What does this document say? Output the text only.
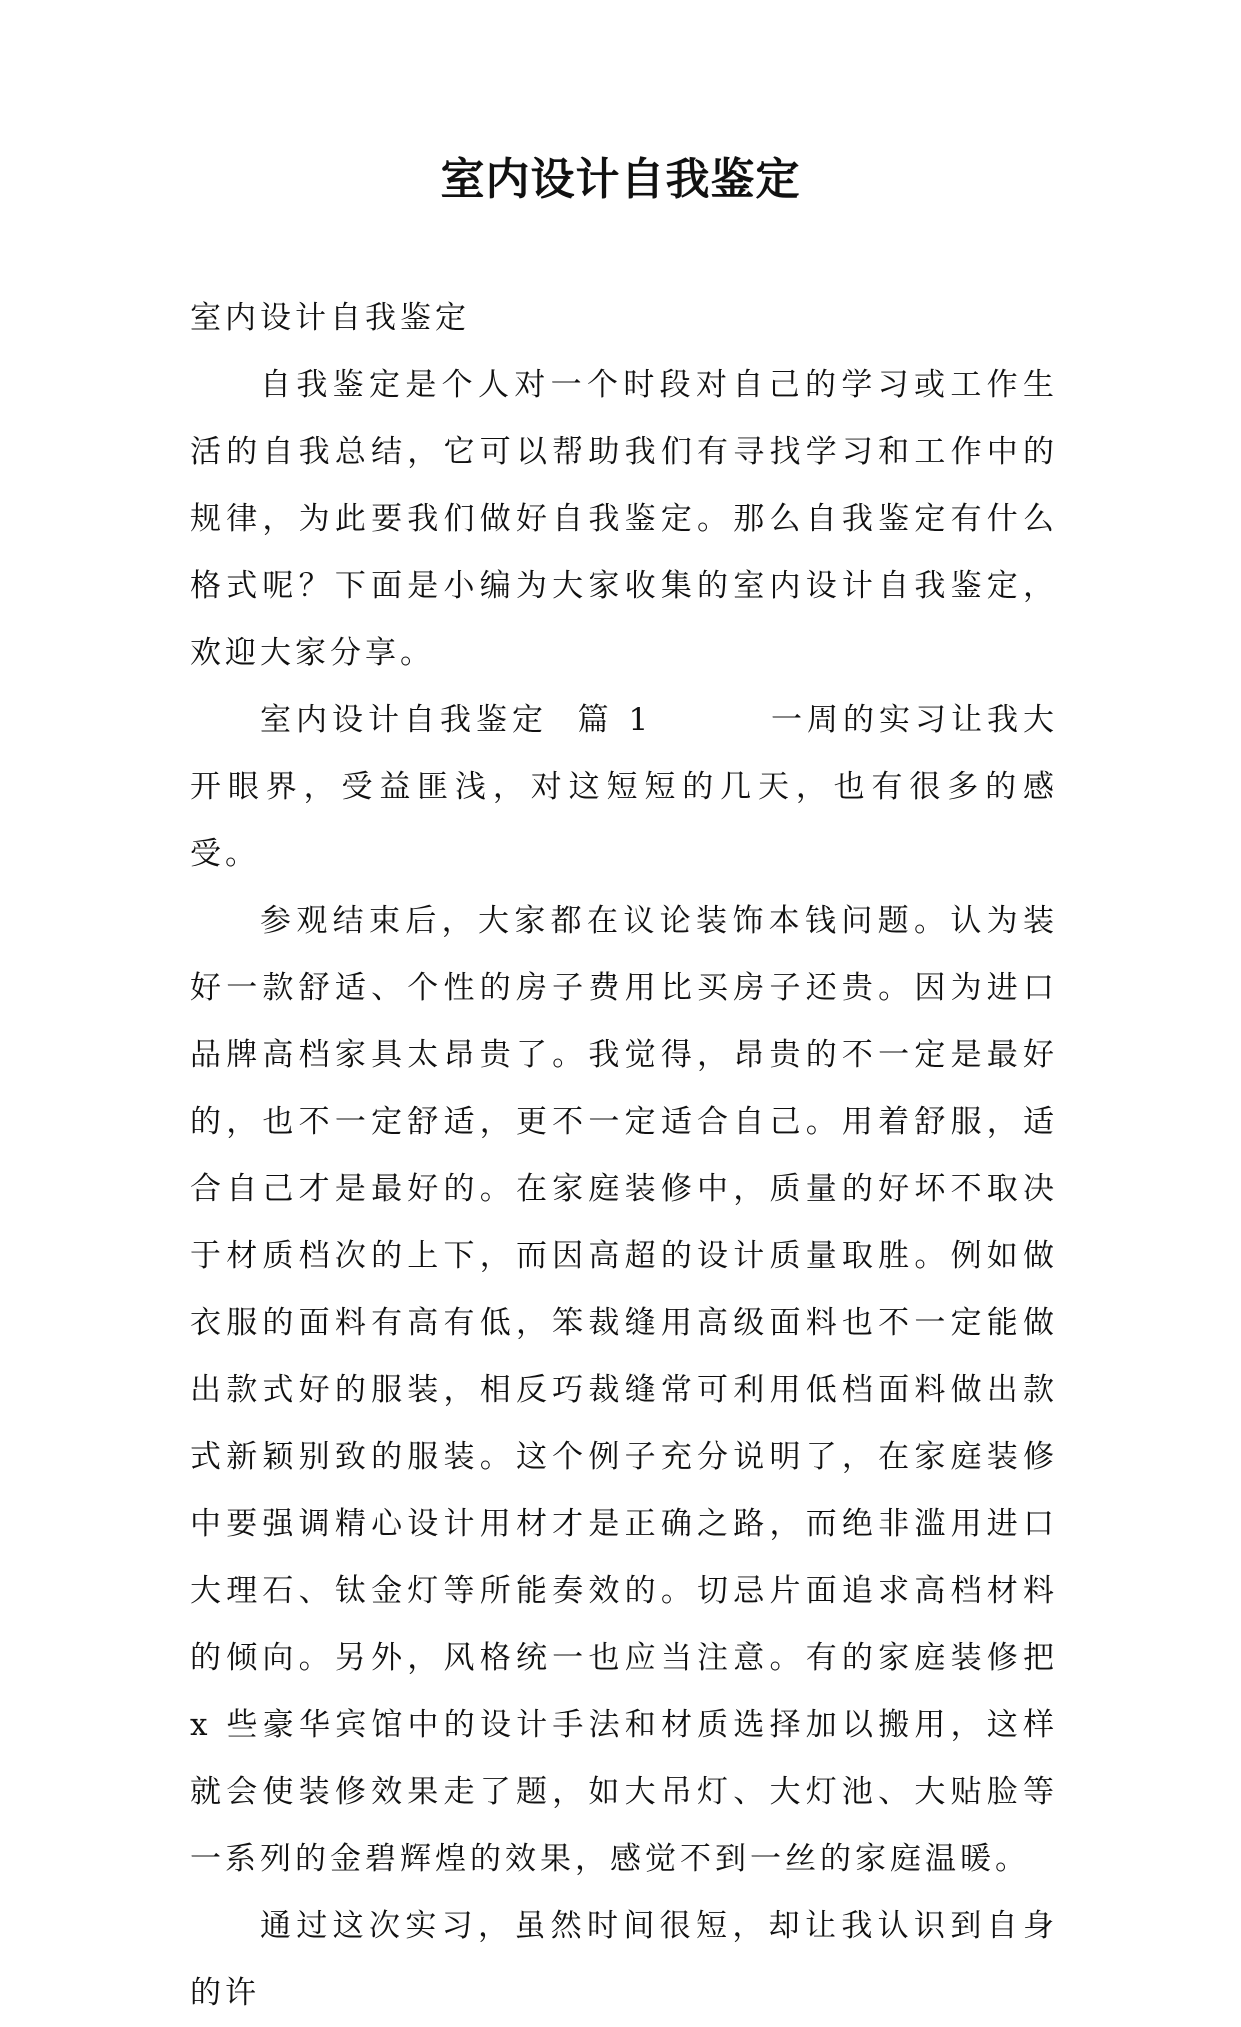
室内设计自我鉴定

室内设计自我鉴定

自我鉴定是个人对一个时段对自己的学习或工作生活的自我总结，它可以帮助我们有寻找学习和工作中的规律，为此要我们做好自我鉴定。那么自我鉴定有什么格式呢？下面是小编为大家收集的室内设计自我鉴定，欢迎大家分享。

室内设计自我鉴定  篇 1        一周的实习让我大开眼界，受益匪浅，对这短短的几天，也有很多的感受。

参观结束后，大家都在议论装饰本钱问题。认为装好一款舒适、个性的房子费用比买房子还贵。因为进口品牌高档家具太昂贵了。我觉得，昂贵的不一定是最好的，也不一定舒适，更不一定适合自己。用着舒服，适合自己才是最好的。在家庭装修中，质量的好坏不取决于材质档次的上下，而因高超的设计质量取胜。例如做衣服的面料有高有低，笨裁缝用高级面料也不一定能做出款式好的服装，相反巧裁缝常可利用低档面料做出款式新颖别致的服装。这个例子充分说明了，在家庭装修中要强调精心设计用材才是正确之路，而绝非滥用进口大理石、钛金灯等所能奏效的。切忌片面追求高档材料的倾向。另外，风格统一也应当注意。有的家庭装修把 x 些豪华宾馆中的设计手法和材质选择加以搬用，这样就会使装修效果走了题，如大吊灯、大灯池、大贴脸等一系列的金碧辉煌的效果，感觉不到一丝的家庭温暖。

通过这次实习，虽然时间很短，却让我认识到自身的许
